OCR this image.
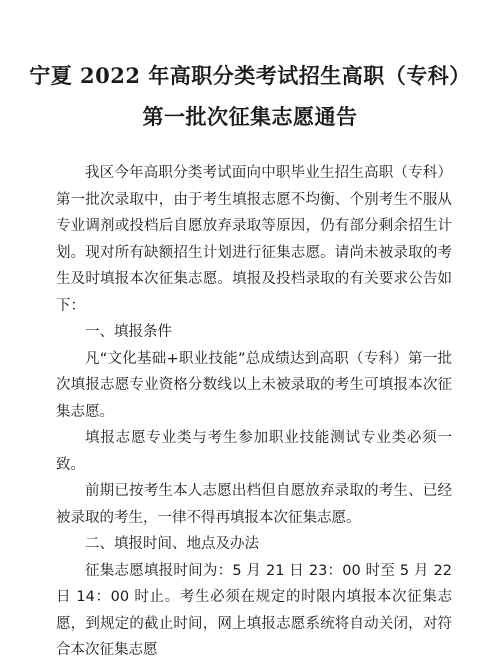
宁夏 2022 年高职分类考试招生高职（专科）
第一批次征集志愿通告

我区今年高职分类考试面向中职毕业生招生高职（专科）第一批次录取中，由于考生填报志愿不均衡、个别考生不服从专业调剂或投档后自愿放弃录取等原因，仍有部分剩余招生计划。现对所有缺额招生计划进行征集志愿。请尚未被录取的考生及时填报本次征集志愿。填报及投档录取的有关要求公告如下：

一、填报条件

凡“文化基础+职业技能”总成绩达到高职（专科）第一批次填报志愿专业资格分数线以上未被录取的考生可填报本次征集志愿。

填报志愿专业类与考生参加职业技能测试专业类必须一致。

前期已按考生本人志愿出档但自愿放弃录取的考生、已经被录取的考生，一律不得再填报本次征集志愿。

二、填报时间、地点及办法

征集志愿填报时间为：5 月 21 日 23：00 时至 5 月 22 日 14：00 时止。考生必须在规定的时限内填报本次征集志愿，到规定的截止时间，网上填报志愿系统将自动关闭，对符合本次征集志愿
